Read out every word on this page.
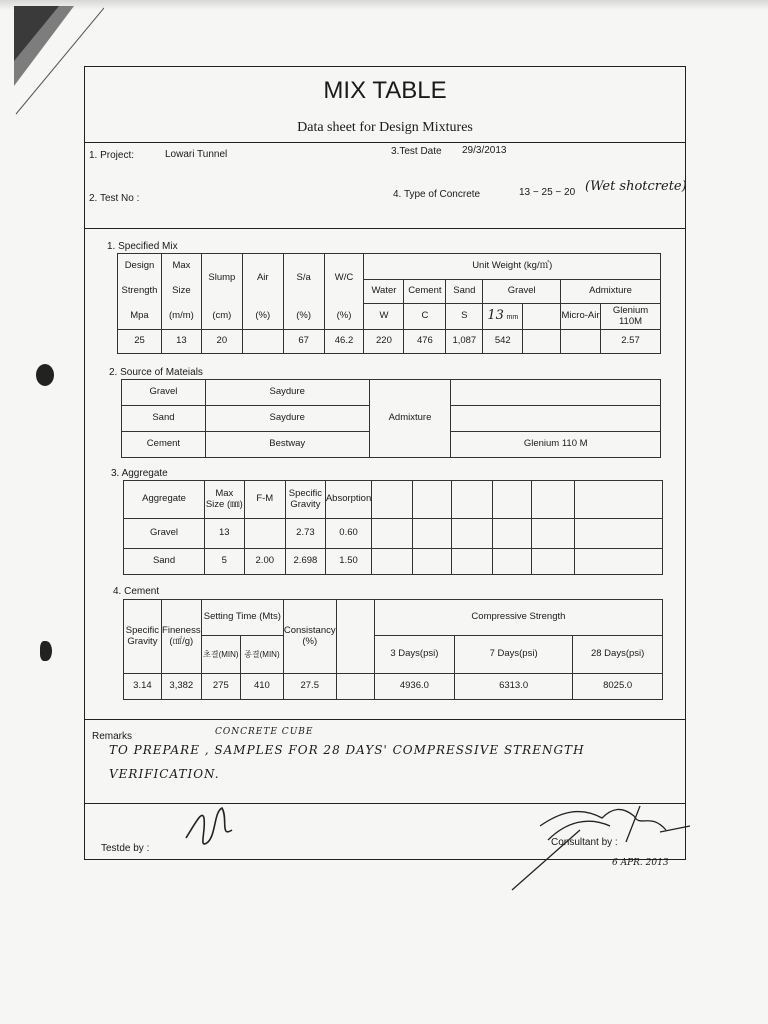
MIX TABLE
Data sheet for Design Mixtures
1. Project:	Lowari Tunnel	3.Test Date 29/3/2013
2. Test No :	4. Type of Concrete	13 − 25 − 20 (Wet shotcrete)
1. Specified Mix
Design	Max	Slump	Air	S/a	W/C	Unit Weight (kg/㎥)						
Strength	Size					Water	Cement	Sand	Gravel		Admixture	
Mpa	(m/m)	(cm)	(%)	(%)	(%)	W	C	S	13 mm		Micro-Air	Glenium 110M
25	13	20		67	46.2	220	476	1,087	542			2.57
2. Source of Mateials
Gravel	Saydure	Admixture	
Sand	Saydure		
Cement	Bestway		Glenium 110 M
3. Aggregate
Aggregate	Max Size (㎜)	F-M	Specific Gravity	Absorption						
Gravel	13		2.73	0.60						
Sand	5	2.00	2.698	1.50						
4. Cement
Specific Gravity	Fineness (㎠/g)	Setting Time (Mts)		Consistancy (%)		Compressive Strength		
		초결(MIN)	종결(MIN)			3 Days(psi)	7 Days(psi)	28 Days(psi)
3.14	3,382	275	410	27.5		4936.0	6313.0	8025.0
Remarks	CONCRETE CUBE
TO PREPARE , SAMPLES FOR 28 DAYS' COMPRESSIVE STRENGTH
VERIFICATION.
Testde by :
Consultant by :
6 APR. 2013
